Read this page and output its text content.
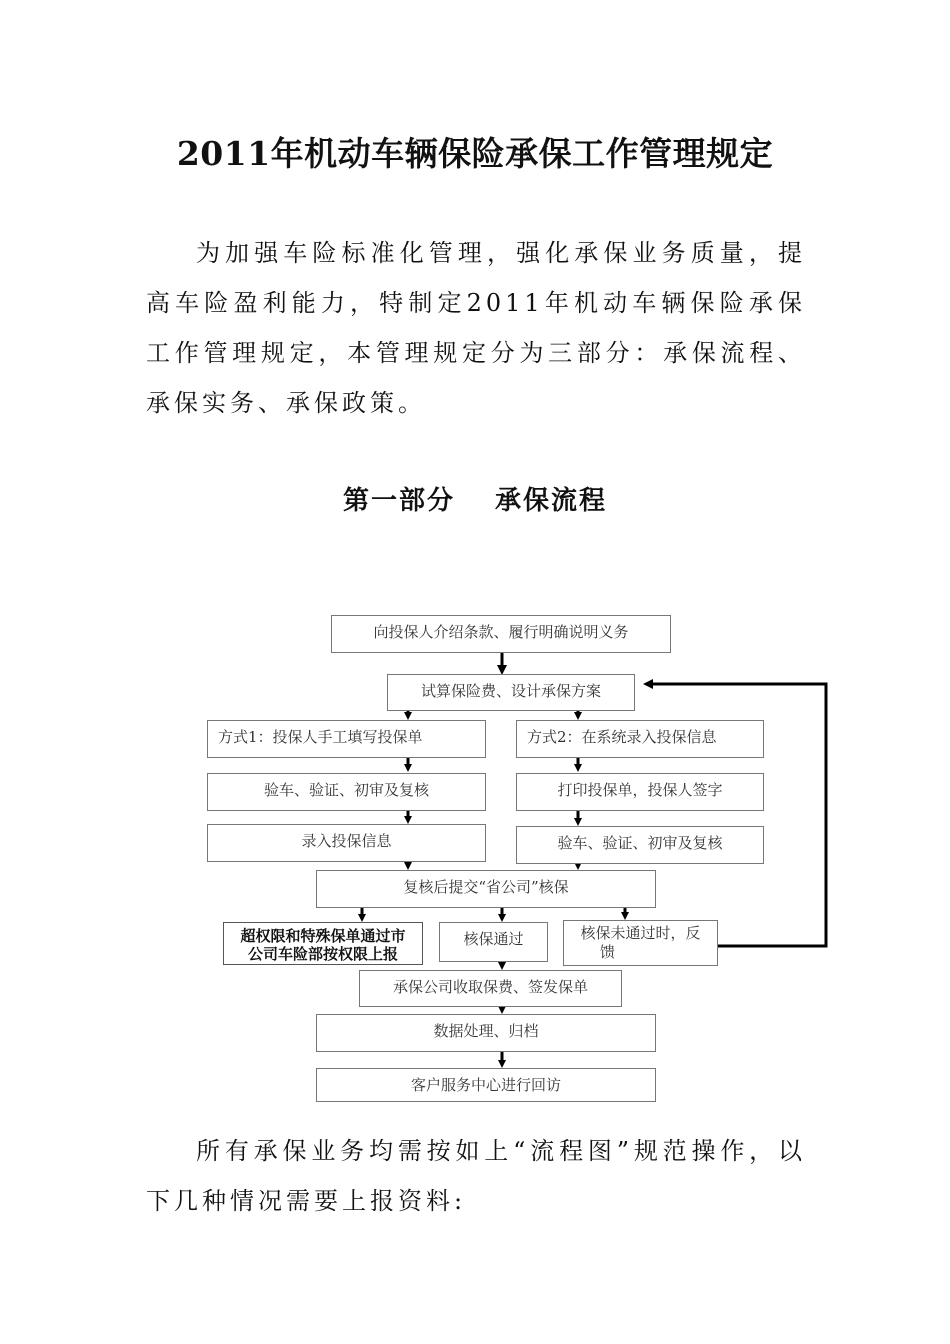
2011年机动车辆保险承保工作管理规定

为加强车险标准化管理，强化承保业务质量，提高车险盈利能力，特制定2011年机动车辆保险承保工作管理规定，本管理规定分为三部分：承保流程、承保实务、承保政策。

第一部分 承保流程
向投保人介绍条款、履行明确说明义务
试算保险费、设计承保方案
方式1：投保人手工填写投保单	方式2：在系统录入投保信息
验车、验证、初审及复核	打印投保单，投保人签字
录入投保信息	验车、验证、初审及复核
复核后提交“省公司”核保
超权限和特殊保单通过市
公司车险部按权限上报
核保通过	核保未通过时，反
馈
承保公司收取保费、签发保单
数据处理、归档
客户服务中心进行回访

所有承保业务均需按如上“流程图”规范操作，以下几种情况需要上报资料:
